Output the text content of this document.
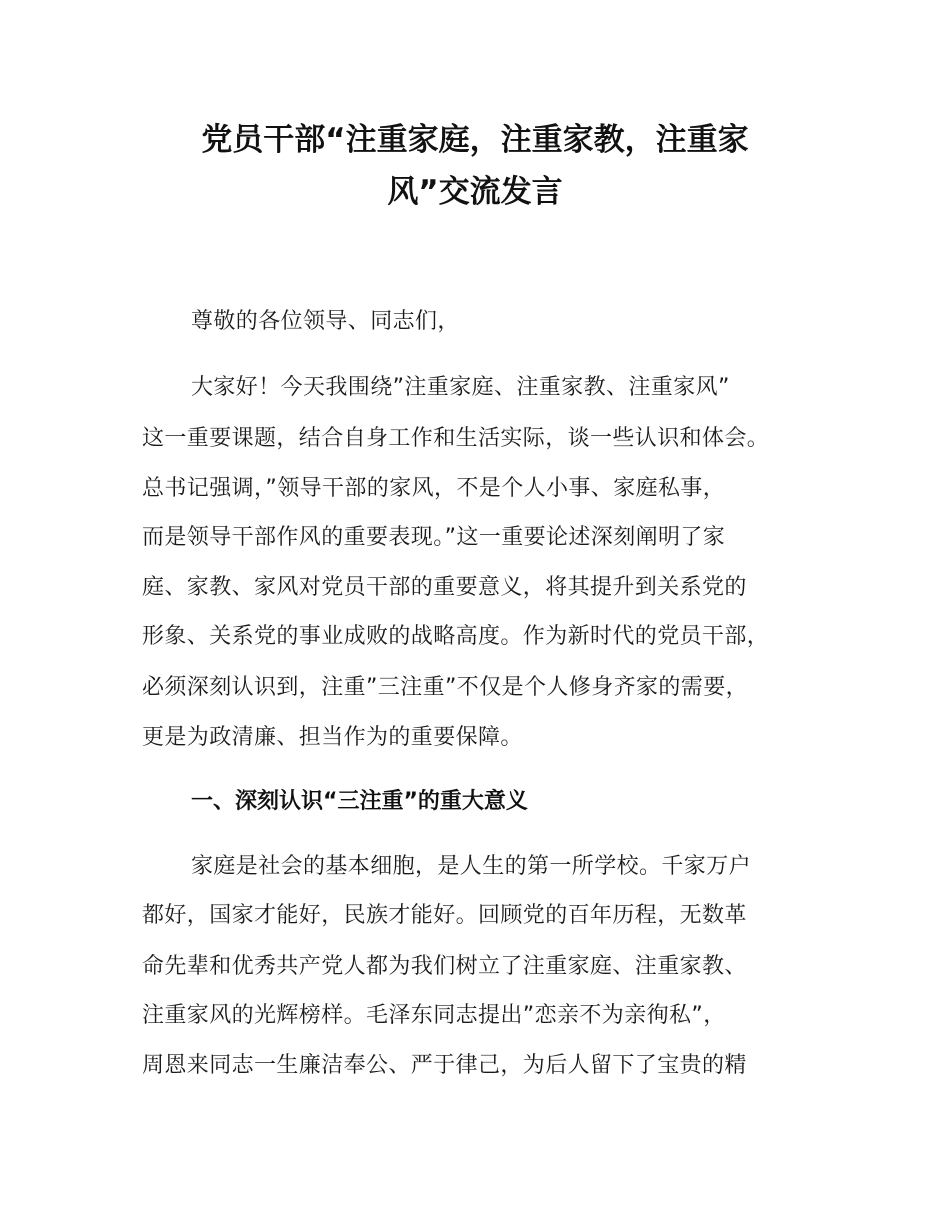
党员干部“注重家庭，注重家教，注重家
风”交流发言

尊敬的各位领导、同志们，

大家好！今天我围绕”注重家庭、注重家教、注重家风”

这一重要课题，结合自身工作和生活实际，谈一些认识和体会。

总书记强调，”领导干部的家风，不是个人小事、家庭私事，

而是领导干部作风的重要表现。”这一重要论述深刻阐明了家

庭、家教、家风对党员干部的重要意义，将其提升到关系党的

形象、关系党的事业成败的战略高度。作为新时代的党员干部，

必须深刻认识到，注重”三注重”不仅是个人修身齐家的需要，

更是为政清廉、担当作为的重要保障。

一、深刻认识“三注重”的重大意义

家庭是社会的基本细胞，是人生的第一所学校。千家万户

都好，国家才能好，民族才能好。回顾党的百年历程，无数革

命先辈和优秀共产党人都为我们树立了注重家庭、注重家教、

注重家风的光辉榜样。毛泽东同志提出”恋亲不为亲徇私”，

周恩来同志一生廉洁奉公、严于律己，为后人留下了宝贵的精
